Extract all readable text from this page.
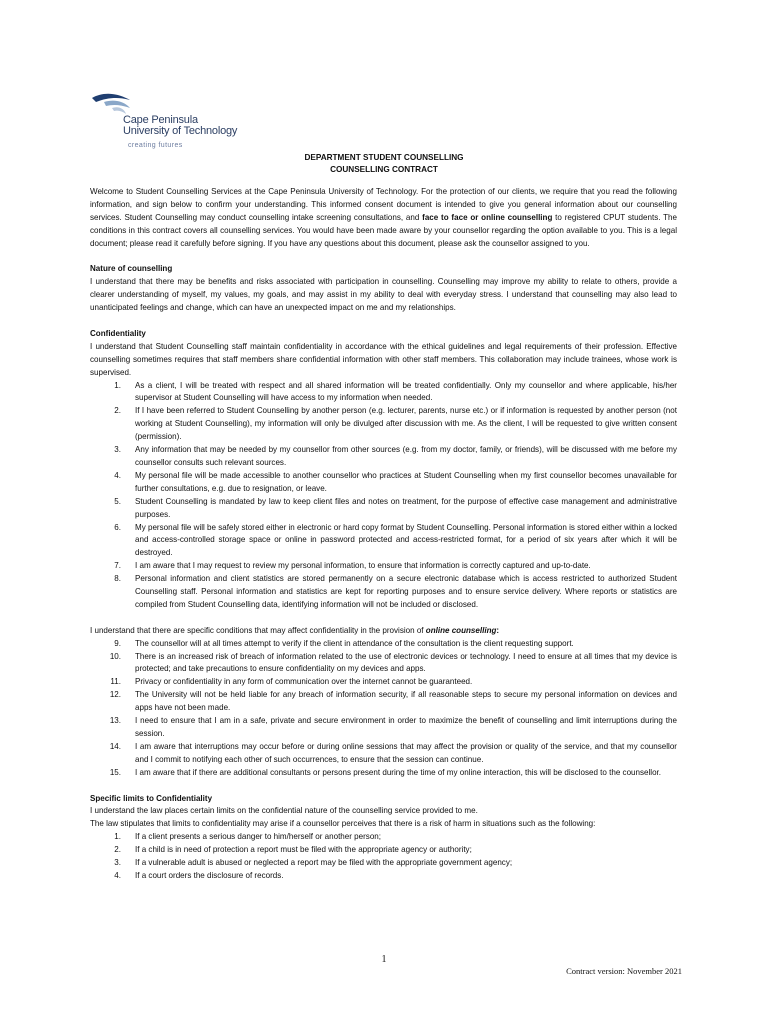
Cape Peninsula
University of Technology
creating futures
DEPARTMENT STUDENT COUNSELLING
COUNSELLING CONTRACT

Welcome to Student Counselling Services at the Cape Peninsula University of Technology. For the protection of our clients, we require that you read the following information, and sign below to confirm your understanding. This informed consent document is intended to give you general information about our counselling services. Student Counselling may conduct counselling intake screening consultations, and face to face or online counselling to registered CPUT students. The conditions in this contract covers all counselling services. You would have been made aware by your counsellor regarding the option available to you. This is a legal document; please read it carefully before signing. If you have any questions about this document, please ask the counsellor assigned to you.

Nature of counselling

I understand that there may be benefits and risks associated with participation in counselling. Counselling may improve my ability to relate to others, provide a clearer understanding of myself, my values, my goals, and may assist in my ability to deal with everyday stress. I understand that counselling may also lead to unanticipated feelings and change, which can have an unexpected impact on me and my relationships.

Confidentiality

I understand that Student Counselling staff maintain confidentiality in accordance with the ethical guidelines and legal requirements of their profession. Effective counselling sometimes requires that staff members share confidential information with other staff members. This collaboration may include trainees, whose work is supervised.

1.	As a client, I will be treated with respect and all shared information will be treated confidentially. Only my counsellor and where applicable, his/her supervisor at Student Counselling will have access to my information when needed.
2.	If I have been referred to Student Counselling by another person (e.g. lecturer, parents, nurse etc.) or if information is requested by another person (not working at Student Counselling), my information will only be divulged after discussion with me. As the client, I will be requested to give written consent (permission).
3.	Any information that may be needed by my counsellor from other sources (e.g. from my doctor, family, or friends), will be discussed with me before my counsellor consults such relevant sources.
4.	My personal file will be made accessible to another counsellor who practices at Student Counselling when my first counsellor becomes unavailable for further consultations, e.g. due to resignation, or leave.
5.	Student Counselling is mandated by law to keep client files and notes on treatment, for the purpose of effective case management and administrative purposes.
6.	My personal file will be safely stored either in electronic or hard copy format by Student Counselling. Personal information is stored either within a locked and access-controlled storage space or online in password protected and access-restricted format, for a period of six years after which it will be destroyed.
7.	I am aware that I may request to review my personal information, to ensure that information is correctly captured and up-to-date.
8.	Personal information and client statistics are stored permanently on a secure electronic database which is access restricted to authorized Student Counselling staff. Personal information and statistics are kept for reporting purposes and to ensure service delivery. Where reports or statistics are compiled from Student Counselling data, identifying information will not be included or disclosed.

I understand that there are specific conditions that may affect confidentiality in the provision of online counselling:

9.	The counsellor will at all times attempt to verify if the client in attendance of the consultation is the client requesting support.
10.	There is an increased risk of breach of information related to the use of electronic devices or technology. I need to ensure at all times that my device is protected; and take precautions to ensure confidentiality on my devices and apps.
11.	Privacy or confidentiality in any form of communication over the internet cannot be guaranteed.
12.	The University will not be held liable for any breach of information security, if all reasonable steps to secure my personal information on devices and apps have not been made.
13.	I need to ensure that I am in a safe, private and secure environment in order to maximize the benefit of counselling and limit interruptions during the session.
14.	I am aware that interruptions may occur before or during online sessions that may affect the provision or quality of the service, and that my counsellor and I commit to notifying each other of such occurrences, to ensure that the session can continue.
15.	I am aware that if there are additional consultants or persons present during the time of my online interaction, this will be disclosed to the counsellor.
Specific limits to Confidentiality

I understand the law places certain limits on the confidential nature of the counselling service provided to me.

The law stipulates that limits to confidentiality may arise if a counsellor perceives that there is a risk of harm in situations such as the following:

1.	If a client presents a serious danger to him/herself or another person;
2.	If a child is in need of protection a report must be filed with the appropriate agency or authority;
3.	If a vulnerable adult is abused or neglected a report may be filed with the appropriate government agency;
4.	If a court orders the disclosure of records.
1
Contract version: November 2021
